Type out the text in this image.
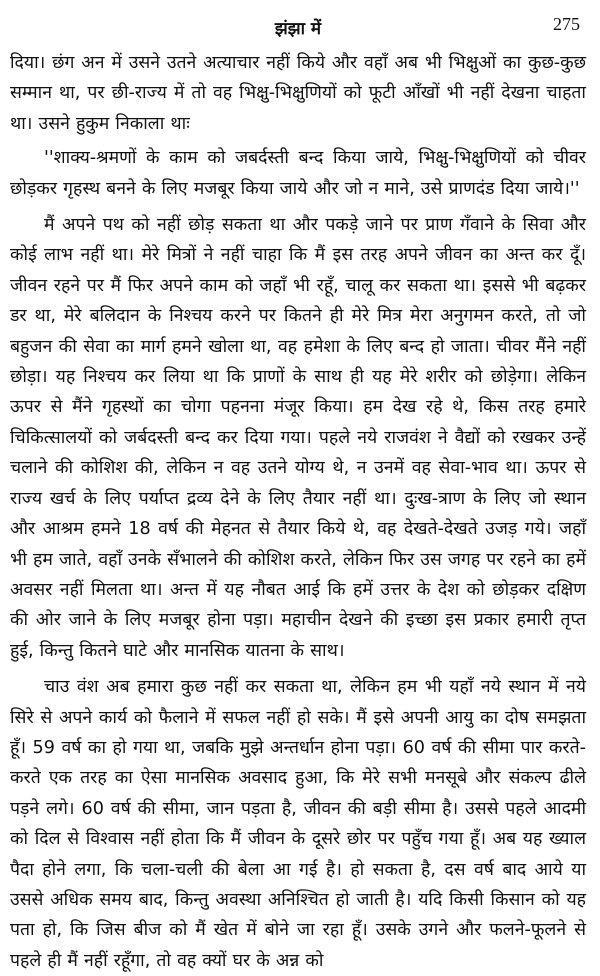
झंझा में	275

दिया। छंग अन में उसने उतने अत्याचार नहीं किये और वहाँ अब भी भिक्षुओं का कुछ-कुछ सम्मान था, पर छी-राज्य में तो वह भिक्षु-भिक्षुणियों को फूटी आँखों भी नहीं देखना चाहता था। उसने हुकुम निकाला थाः

''शाक्य-श्रमणों के काम को जबर्दस्ती बन्द किया जाये, भिक्षु-भिक्षुणियों को चीवर छोड़कर गृहस्थ बनने के लिए मजबूर किया जाये और जो न माने, उसे प्राणदंड दिया जाये।''

मैं अपने पथ को नहीं छोड़ सकता था और पकड़े जाने पर प्राण गँवाने के सिवा और कोई लाभ नहीं था। मेरे मित्रों ने नहीं चाहा कि मैं इस तरह अपने जीवन का अन्त कर दूँ। जीवन रहने पर मैं फिर अपने काम को जहाँ भी रहूँ, चालू कर सकता था। इससे भी बढ़कर डर था, मेरे बलिदान के निश्चय करने पर कितने ही मेरे मित्र मेरा अनुगमन करते, तो जो बहुजन की सेवा का मार्ग हमने खोला था, वह हमेशा के लिए बन्द हो जाता। चीवर मैंने नहीं छोड़ा। यह निश्चय कर लिया था कि प्राणों के साथ ही यह मेरे शरीर को छोड़ेगा। लेकिन ऊपर से मैंने गृहस्थों का चोगा पहनना मंजूर किया। हम देख रहे थे, किस तरह हमारे चिकित्सालयों को जर्बदस्ती बन्द कर दिया गया। पहले नये राजवंश ने वैद्यों को रखकर उन्हें चलाने की कोशिश की, लेकिन न वह उतने योग्य थे, न उनमें वह सेवा-भाव था। ऊपर से राज्य खर्च के लिए पर्याप्त द्रव्य देने के लिए तैयार नहीं था। दुःख-त्राण के लिए जो स्थान और आश्रम हमने 18 वर्ष की मेहनत से तैयार किये थे, वह देखते-देखते उजड़ गये। जहाँ भी हम जाते, वहाँ उनके सँभालने की कोशिश करते, लेकिन फिर उस जगह पर रहने का हमें अवसर नहीं मिलता था। अन्त में यह नौबत आई कि हमें उत्तर के देश को छोड़कर दक्षिण की ओर जाने के लिए मजबूर होना पड़ा। महाचीन देखने की इच्छा इस प्रकार हमारी तृप्त हुई, किन्तु कितने घाटे और मानसिक यातना के साथ।

चाउ वंश अब हमारा कुछ नहीं कर सकता था, लेकिन हम भी यहाँ नये स्थान में नये सिरे से अपने कार्य को फैलाने में सफल नहीं हो सके। मैं इसे अपनी आयु का दोष समझता हूँ। 59 वर्ष का हो गया था, जबकि मुझे अन्तर्धान होना पड़ा। 60 वर्ष की सीमा पार करते-करते एक तरह का ऐसा मानसिक अवसाद हुआ, कि मेरे सभी मनसूबे और संकल्प ढीले पड़ने लगे। 60 वर्ष की सीमा, जान पड़ता है, जीवन की बड़ी सीमा है। उससे पहले आदमी को दिल से विश्वास नहीं होता कि मैं जीवन के दूसरे छोर पर पहुँच गया हूँ। अब यह ख्याल पैदा होने लगा, कि चला-चली की बेला आ गई है। हो सकता है, दस वर्ष बाद आये या उससे अधिक समय बाद, किन्तु अवस्था अनिश्चित हो जाती है। यदि किसी किसान को यह पता हो, कि जिस बीज को मैं खेत में बोने जा रहा हूँ। उसके उगने और फलने-फूलने से पहले ही मैं नहीं रहूँगा, तो वह क्यों घर के अन्न को
